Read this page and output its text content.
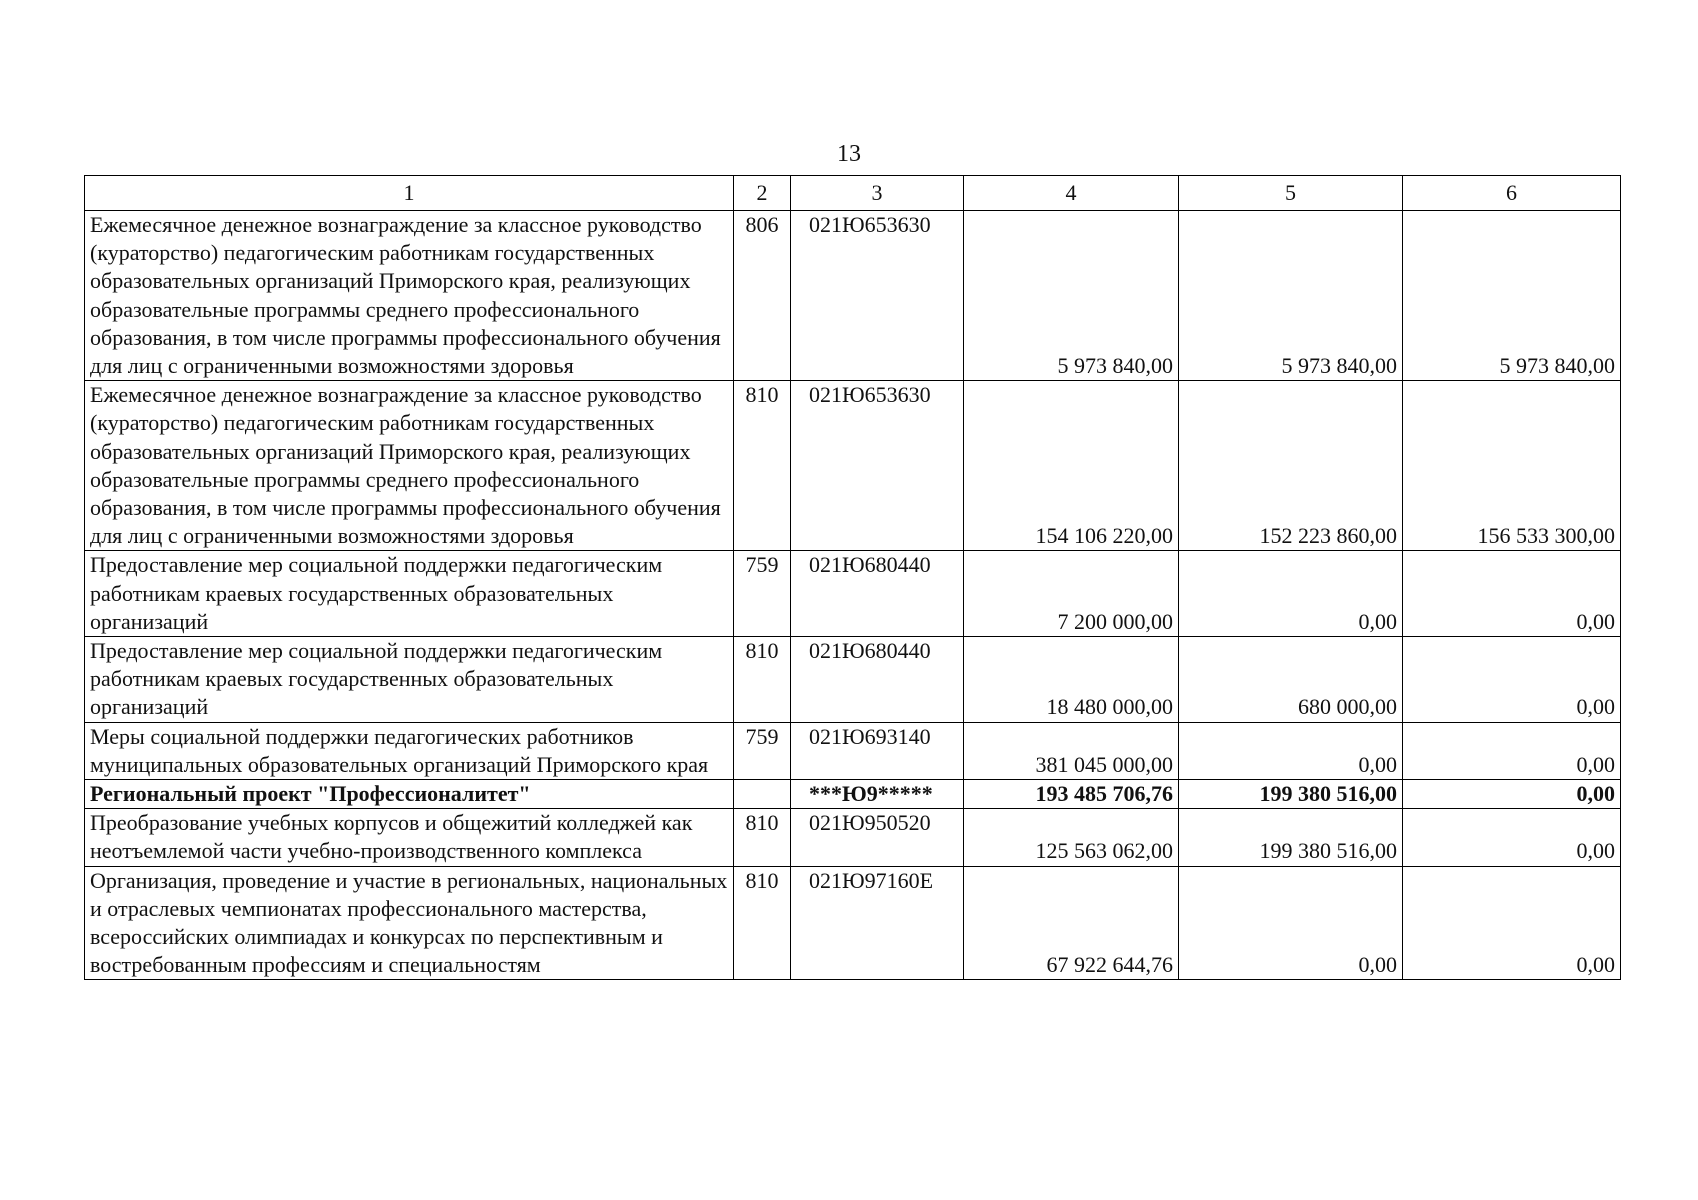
13
1	2	3	4	5	6
Ежемесячное денежное вознаграждение за классное руководство (кураторство) педагогическим работникам государственных образовательных организаций Приморского края, реализующих образовательные программы среднего профессионального образования, в том числе программы профессионального обучения для лиц с ограниченными возможностями здоровья	806	021Ю653630	5 973 840,00	5 973 840,00	5 973 840,00
Ежемесячное денежное вознаграждение за классное руководство (кураторство) педагогическим работникам государственных образовательных организаций Приморского края, реализующих образовательные программы среднего профессионального образования, в том числе программы профессионального обучения для лиц с ограниченными возможностями здоровья	810	021Ю653630	154 106 220,00	152 223 860,00	156 533 300,00
Предоставление мер социальной поддержки педагогическим работникам краевых государственных образовательных организаций	759	021Ю680440	7 200 000,00	0,00	0,00
Предоставление мер социальной поддержки педагогическим работникам краевых государственных образовательных организаций	810	021Ю680440	18 480 000,00	680 000,00	0,00
Меры социальной поддержки педагогических работников муниципальных образовательных организаций Приморского края	759	021Ю693140	381 045 000,00	0,00	0,00
Региональный проект "Профессионалитет"		***Ю9*****	193 485 706,76	199 380 516,00	0,00
Преобразование учебных корпусов и общежитий колледжей как неотъемлемой части учебно-производственного комплекса	810	021Ю950520	125 563 062,00	199 380 516,00	0,00
Организация, проведение и участие в региональных, национальных и отраслевых чемпионатах профессионального мастерства, всероссийских олимпиадах и конкурсах по перспективным и востребованным профессиям и специальностям	810	021Ю97160Е	67 922 644,76	0,00	0,00
